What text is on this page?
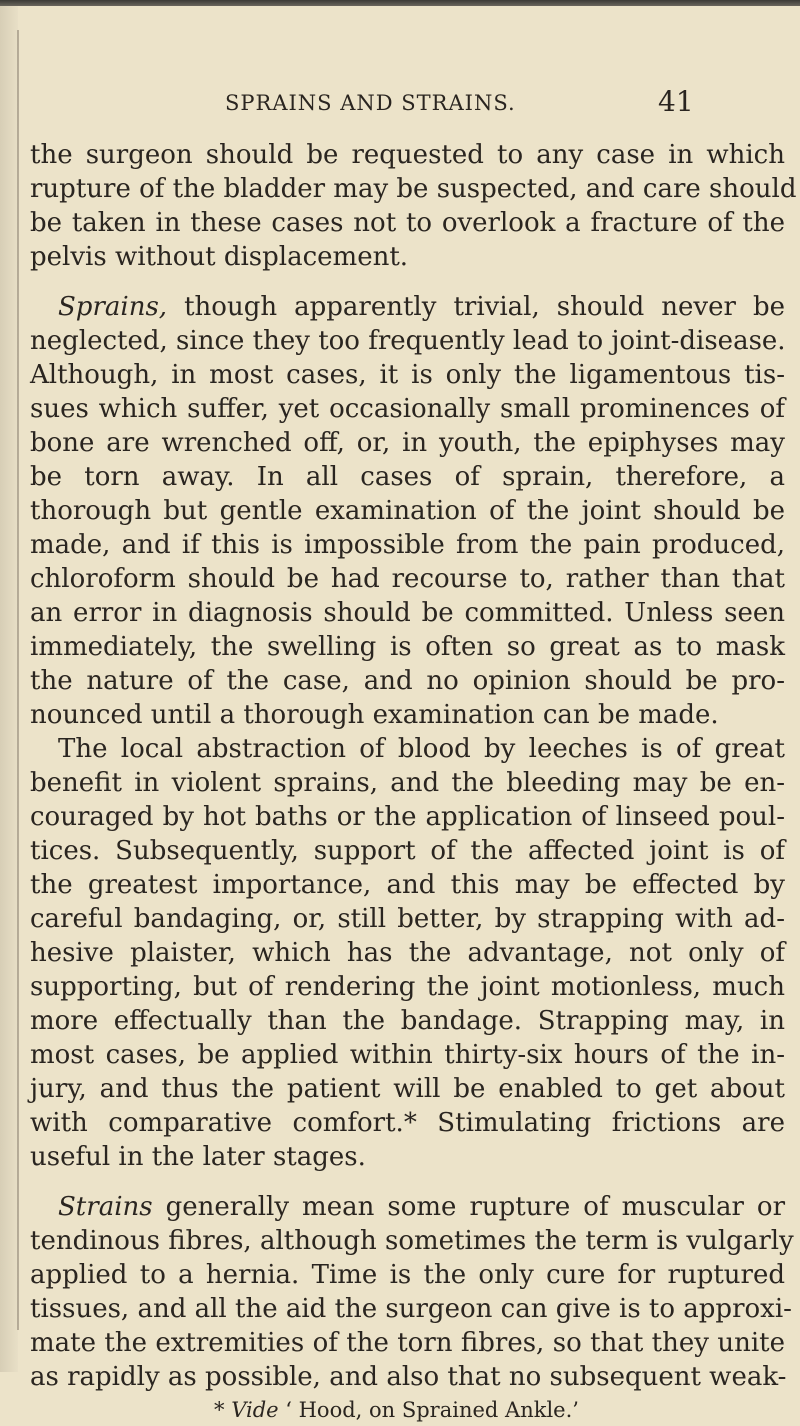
SPRAINS AND STRAINS.	41
the surgeon should be requested to any case in which
rupture of the bladder may be suspected, and care should
be taken in these cases not to overlook a fracture of the
pelvis without displacement.
Sprains, though apparently trivial, should never be
neglected, since they too frequently lead to joint-disease.
Although, in most cases, it is only the ligamentous tis-
sues which suffer, yet occasionally small prominences of
bone are wrenched off, or, in youth, the epiphyses may
be torn away. In all cases of sprain, therefore, a
thorough but gentle examination of the joint should be
made, and if this is impossible from the pain produced,
chloroform should be had recourse to, rather than that
an error in diagnosis should be committed. Unless seen
immediately, the swelling is often so great as to mask
the nature of the case, and no opinion should be pro-
nounced until a thorough examination can be made.
The local abstraction of blood by leeches is of great
benefit in violent sprains, and the bleeding may be en-
couraged by hot baths or the application of linseed poul-
tices. Subsequently, support of the affected joint is of
the greatest importance, and this may be effected by
careful bandaging, or, still better, by strapping with ad-
hesive plaister, which has the advantage, not only of
supporting, but of rendering the joint motionless, much
more effectually than the bandage. Strapping may, in
most cases, be applied within thirty-six hours of the in-
jury, and thus the patient will be enabled to get about
with comparative comfort.* Stimulating frictions are
useful in the later stages.
Strains generally mean some rupture of muscular or
tendinous fibres, although sometimes the term is vulgarly
applied to a hernia. Time is the only cure for ruptured
tissues, and all the aid the surgeon can give is to approxi-
mate the extremities of the torn fibres, so that they unite
as rapidly as possible, and also that no subsequent weak-
* Vide ‘ Hood, on Sprained Ankle.’
